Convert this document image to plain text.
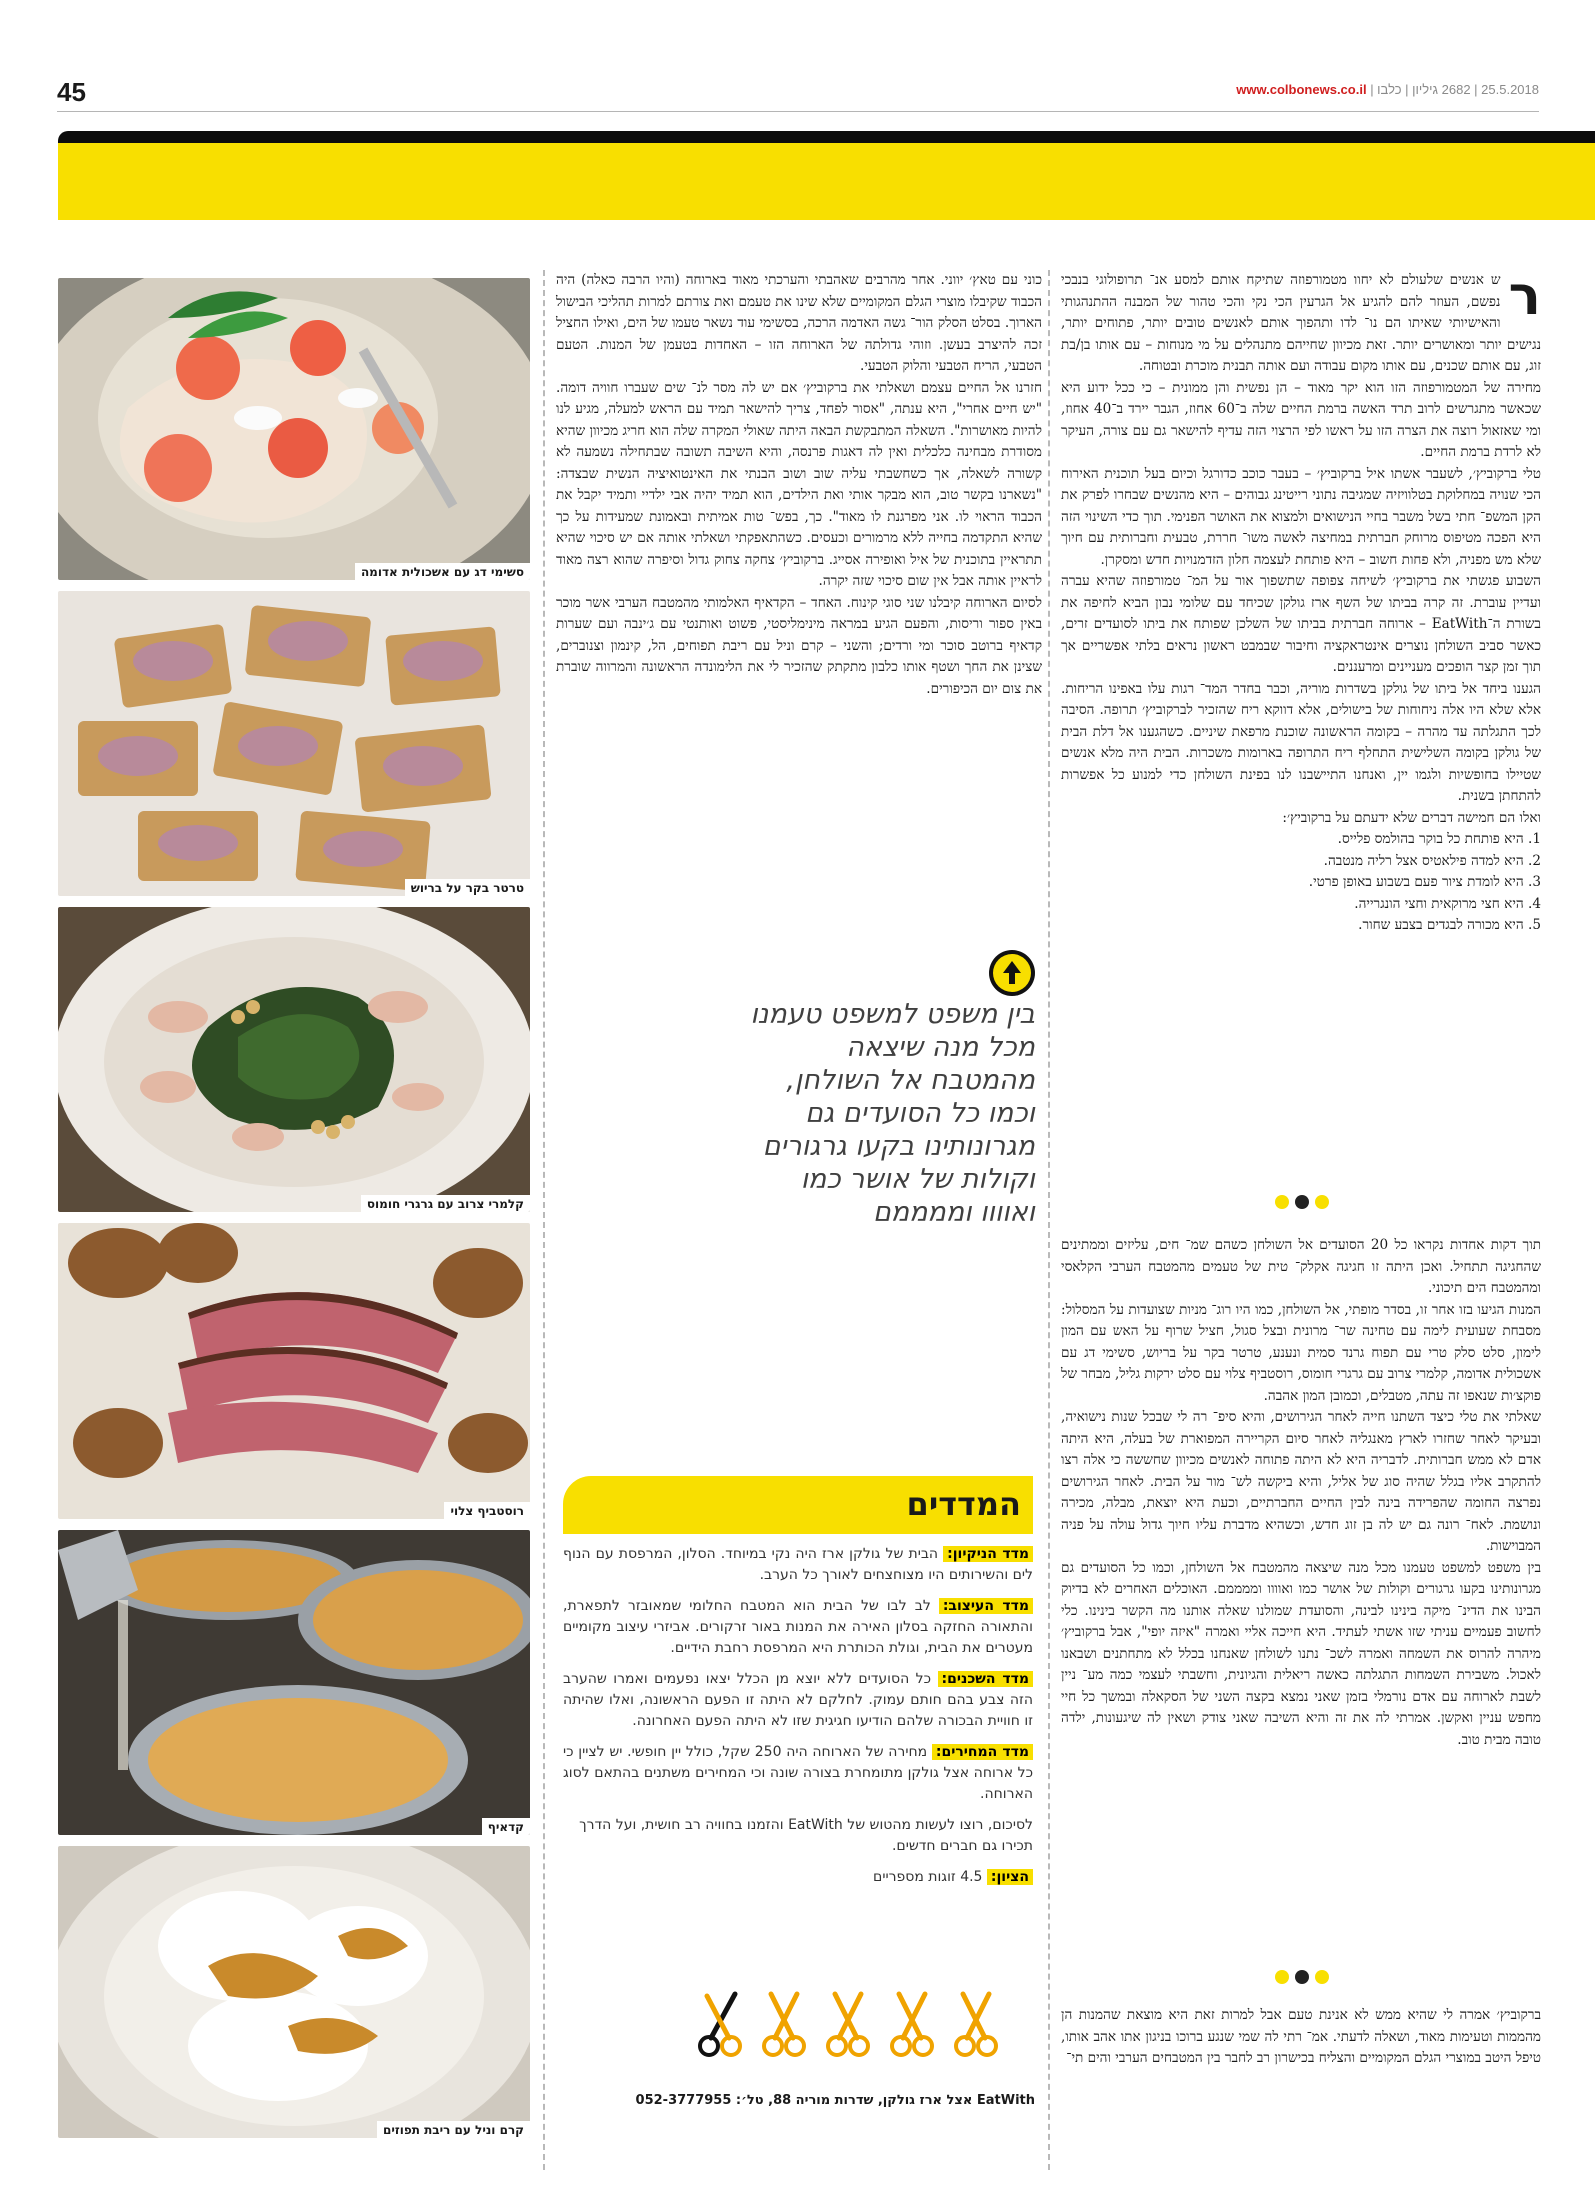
45	25.5.2018 | 2682 גיליון | כלבו | www.colbonews.co.il
סשימי דג עם אשכולית אדומה
טרטר בקר על בריוש
קלמרי צרוב עם גרגרי חומוס
רוסטביף צלוי
קדאיף
קרם וניל עם ריבת תפוזים
ר

ש אנשים שלעולם לא יחוו מטמורפוזה שתיקח אותם למסע אנ־ תרופולוגי בנבכי נפשם, העוזר להם להגיע אל הגרעין הכי נקי והכי טהור של המבנה ההתנהגותי והאישיותי שאיתו הם נו־ לדו ותהפוך אותם לאנשים טובים יותר, פתוחים יותר, נגישים יותר ומאושרים יותר. זאת מכיוון שחייהם מתנהלים על מי מנוחות – עם אותו בן/בת זוג, עם אותם שכנים, עם אותו מקום עבודה ועם אותה תבנית מוכרת ובטוחה.

מחירה של המטמורפוזה הזו הוא יקר מאוד – הן נפשית והן ממונית – כי ככל ידוע היא שכאשר מתגרשים לרוב תרד האשה ברמת החיים שלה ב־60 אחוז, הגבר יירד ב־40 אחוז, ומי שאזאול רוצה את הצרה הזו על ראשו לפי הרצוי הזה עדיף להישאר גם עם צורה, העיקר לא לרדת ברמת החיים.

טלי ברקוביץ׳, לשעבר אשתו איל ברקוביץ׳ – בעבר כוכב כדורגל וכיום בעל תוכנית האירוח הכי שנויה במחלוקת בטלוויזיה שמגיבה נתוני רייטינג גבוהים – היא מהנשים שבחרו לפרק את הקן המשפ־ חתי בשל משבר בחיי הנישואים ולמצוא את האושר הפנימי. תוך כדי השינוי הזה היא הפכה מטיפוס מרוחק חברתית במחיצה לאשה משו־ חררת, טבעית וחברותית עם חיוך שלא מש מפניה, ולא פחות חשוב – היא פותחת לעצמה חלון הזדמנויות חדש ומסקרן.

השבוע פגשתי את ברקוביץ׳ לשיחה צפופה שתשפוך אור על המ־ טמורפוזה שהיא עברה ועדיין עוברת. זה קרה בביתו של השף ארז גולקן שכיחד עם שלומי נבון הביא לחיפה את בשורת ה־EatWith – ארוחה חברתית בביתו של השלכן שפותח את ביתו לסועדים זרים, כאשר סביב השולחן נוצרים אינטראקציה וחיבור שבמבט ראשון נראים בלתי אפשריים אך תוך זמן קצר הופכים מעניינים ומרעננים.

הגענו ביחד אל ביתו של גולקן בשדרות מוריה, וכבר בחדר המד־ רגות עלו באפינו הריחות. אלא שלא היו אלה ניחוחות של בישולים, אלא דווקא ריח שהזכיר לברקוביץ׳ תרופה. הסיבה לכך התגלתה עד מהרה – בקומה הראשונה שוכנת מרפאת שיניים. כשהגענו אל דלת הבית של גולקן בקומה השלישית התחלף ריח התרופה בארומות משכרות. הבית היה מלא אנשים שטיילו בחופשיות ולגמו יין, ואנחנו התיישבנו לנו בפינת השולחן כדי למנוע כל אפשרות להתחתן בשנית.

ואלו הם חמישה דברים שלא ידעתם על ברקוביץ׳:

1. היא פותחת כל בוקר בהולמס פלייס.
2. היא למדה פילאטיס אצל רליה מנטבה.
3. היא לומדת ציור פעם בשבוע באופן פרטי.
4. היא חצי מרוקאית וחצי הונגרייה.
5. היא מכורה לבגדים בצבע שחור.

תוך דקות אחדות נקראו כל 20 הסועדים אל השולחן כשהם שמ־ חים, עליזים וממתינים שהחגיגה תתחיל. ואכן היתה זו חגיגה אקלק־ טית של טעמים מהמטבח הערבי הקלאסי ומהמטבח הים תיכוני.

המנות הגיעו בזו אחר זו, בסדר מופתי, אל השולחן, כמו היו רוג־ מניות שצועדות על המסלול: מסבחת שעועית לימה עם טחינה שר־ מרונית ובצל סגול, חציל שרוף על האש עם המון לימון, סלט סלק טרי עם תפוח גרנד סמית ונענע, טרטר בקר על בריוש, סשימי דג עם אשכולית אדומה, קלמרי צרוב עם גרגרי חומוס, רוסטביף צלוי עם סלט ירקות גליל, מבחר של פוקצ׳ות שנאפו זה עתה, מטבלים, וכמובן המון אהבה.

שאלתי את טלי כיצד השתנו חייה לאחר הגירושים, והיא סיפ־ רה לי שבכל שנות נישואיה, ובעיקר לאחר שחזרו לארץ מאנגליה לאחר סיום הקריירה המפוארת של בעלה, היא היתה אדם לא ממש חברותית. לדבריה היא לא היתה פתוחה לאנשים מכיוון שחששה כי אלה רצו להתקרב אליו בגלל שהיה סוג של אליל, והיא ביקשה לש־ מור על הבית. לאחר הגירושים נפרצה החומה שהפרידה בינה לבין החיים החברתיים, וכעת היא יוצאת, מבלה, מכירה ונושמת. לאח־ רונה גם יש לה בן זוג חדש, וכשהיא מדברת עליו חיוך גדול עולה על פניה המבוישות.

בין משפט למשפט טעמנו מכל מנה שיצאה מהמטבח אל השולחן, וכמו כל הסועדים גם מגרונותינו בקעו גרגורים וקולות של אושר כמו ואוווו וממממם. האוכלים האחרים לא בדיוק הבינו את הדינ־ מיקה בינינו לבינה, והסועדת שמולנו שאלה אותנו מה הקשר בינינו. כלי לחשוב פעמיים עניתי שזו אשתי לעתיד. היא חייכה אליי ואמרה "איזה יופי", אבל ברקוביץ׳ מיהרה להרוס את השמחה ואמרה לשכ־ נתנו לשולחן שאנחנו בכלל לא מתחתנים ושבאנו לאכול. משבירת השמחות התגלתה כאשה ריאלית והגיונית, וחשבתי לעצמי כמה מע־ ניין לשבת לארוחה עם אדם נורמלי בזמן שאני נמצא בקצה השני של הסקאלה ובמשך כל חיי מחפש עניין ואקשן. אמרתי לה את זה והיא השיבה שאני צודק ושאין לה שיגעונות, ילדה טובה מבית טוב.

ברקוביץ׳ אמרה לי שהיא ממש לא אנינת טעם אבל למרות זאת היא מוצאת שהמנות הן מהממות וטעימות מאוד, ושאלה לדעתי. אמ־ רתי לה שמי שנגע ברוכו בניגון אתו אהב אותו, טיפל היטב במוצרי הגלם המקומיים והצליח בכישרון רב לחבר בין המטבחים הערבי והים תי־

כוני עם טאץ׳ יווני. אחר מהרבים שאהבתי והערכתי מאוד בארוחה (והיו הרבה כאלה) היה הכבוד שקיבלו מוצרי הגלם המקומיים שלא שינו את טעמם ואת צורתם למרות תהליכי הבישול הארוך. בסלט הסלק הור־ גשה האדמה הרכה, בסשימי עוד נשאר טעמו של הים, ואילו החציל זכה להיצרב בעשן. וזוהי גדולתה של הארוחה הזו – האחדות בטעמן של המנות. הטעם הטבעי, הריח הטבעי והלוק הטבעי.

חזרנו אל החיים עצמם ושאלתי את ברקוביץ׳ אם יש לה מסר לנ־ שים שעברו חוויה דומה. "יש חיים אחרי", היא ענתה, "אסור לפחד, צריך להישאר תמיד עם הראש למעלה, מגיע לנו להיות מאושרות". השאלה המתבקשת הבאה היתה שאולי המקרה שלה הוא חריג מכיוון שהיא מסודרת מבחינה כלכלית ואין לה דאגות פרנסה, והיא השיבה תשובה שבתחילה נשמעה לא קשורה לשאלה, אך כשחשבתי עליה שוב ושוב הבנתי את האינטואיציה הנשית שבצדה: "נשארנו בקשר טוב, הוא מבקר אותי ואת הילדים, הוא תמיד יהיה אבי ילדיי ותמיד יקבל את הכבוד הראוי לו. אני מפרגנת לו מאוד". כך, בפש־ טות אמיתית ובאמונת שמעידות על כך שהיא התקדמה בחייה ללא מרמורים וכעסים. כשהתאפקתי ושאלתי אותה אם יש סיכוי שהיא תתראיין בתוכנית של איל ואופירה אסייג. ברקוביץ׳ צחקה צחוק גדול וסיפרה שהוא רצה מאוד לראיין אותה אבל אין שום סיכוי שזה יקרה.

לסיום הארוחה קיבלנו שני סוגי קינוח. האחד – הקדאיף האלמותי מהמטבח הערבי אשר מוכר באין ספור וריסות, והפעם הגיע במראה מינימליסטי, פשוט ואותנטי עם ג׳ינבה ועם שערות קדאיף ברוטב סוכר ומי ורדים; והשני – קרם וניל עם ריבת תפוחים, הל, קינמון וצנוברים, שצינן את החך ושטף אותו כלבון מתקתק שהזכיר לי את הלימונדה הראשונה והמרווה שוברת את צום יום הכיפורים.

בין משפט למשפט טעמנו מכל מנה שיצאה מהמטבח אל השולחן, וכמו כל הסועדים גם מגרונותינו בקעו גרגורים וקולות של אושר כמו ואוווו וממממם
המדדים
מדד הניקיון: הבית של גולקן ארז היה נקי במיוחד. הסלון, המרפסת עם הנוף לים והשירותים היו מצוחצחים לאורך כל הערב.
מדד העיצוב: לב לבו של הבית הוא המטבח החלומי שמאובזר לתפארת, והתאורה החזקה בסלון האירה את המנות באור זרקורים. אביזרי עיצוב מקומיים מעטרים את הבית, וגולת הכותרת היא המרפסת רחבת הידיים.
מדד השכנים: כל הסועדים ללא יוצא מן הכלל יצאו נפעמים ואמרו שהערב הזה צבע בהם חותם עמוק. לחלקם לא היתה זו הפעם הראשונה, ואלו שהיתה זו חוויית הבכורה שלהם הודיעו חגיגית שזו לא היתה הפעם האחרונה.
מדד המחירים: מחירה של הארוחה היה 250 שקל, כולל יין חופשי. יש לציין כי כל ארוחה אצל גולקן מתומחרת בצורה שונה וכי המחירים משתנים בהתאם לסוג הארוחה.
לסיכום, רוצו לעשות מהטוש של EatWith והזמנו בחוויה רב חושית, ועל הדרך תכירו גם חברים חדשים.
הציון: 4.5 זוגות מספריים
EatWith אצל ארז גולקן, שדרות מוריה 88, טל׳: 052-3777955
